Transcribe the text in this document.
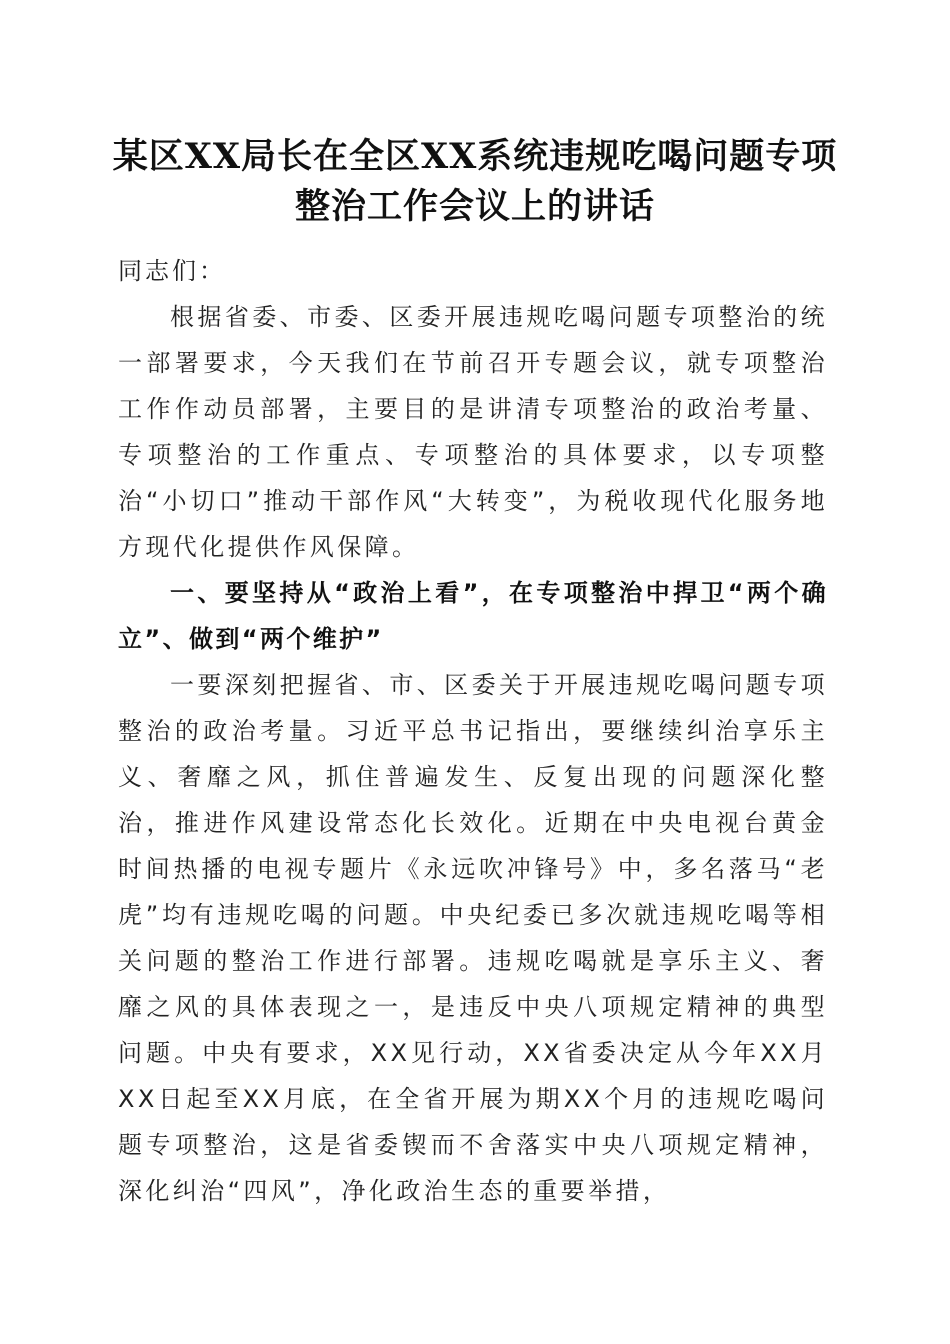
某区XX局长在全区XX系统违规吃喝问题专项整治工作会议上的讲话

同志们：

根据省委、市委、区委开展违规吃喝问题专项整治的统一部署要求，今天我们在节前召开专题会议，就专项整治工作作动员部署，主要目的是讲清专项整治的政治考量、专项整治的工作重点、专项整治的具体要求，以专项整治“小切口”推动干部作风“大转变”，为税收现代化服务地方现代化提供作风保障。

一、要坚持从“政治上看”，在专项整治中捍卫“两个确立”、做到“两个维护”

一要深刻把握省、市、区委关于开展违规吃喝问题专项整治的政治考量。习近平总书记指出，要继续纠治享乐主义、奢靡之风，抓住普遍发生、反复出现的问题深化整治，推进作风建设常态化长效化。近期在中央电视台黄金时间热播的电视专题片《永远吹冲锋号》中，多名落马“老虎”均有违规吃喝的问题。中央纪委已多次就违规吃喝等相关问题的整治工作进行部署。违规吃喝就是享乐主义、奢靡之风的具体表现之一，是违反中央八项规定精神的典型问题。中央有要求，XX见行动，XX省委决定从今年XX月XX日起至XX月底，在全省开展为期XX个月的违规吃喝问题专项整治，这是省委锲而不舍落实中央八项规定精神，深化纠治“四风”，净化政治生态的重要举措，
